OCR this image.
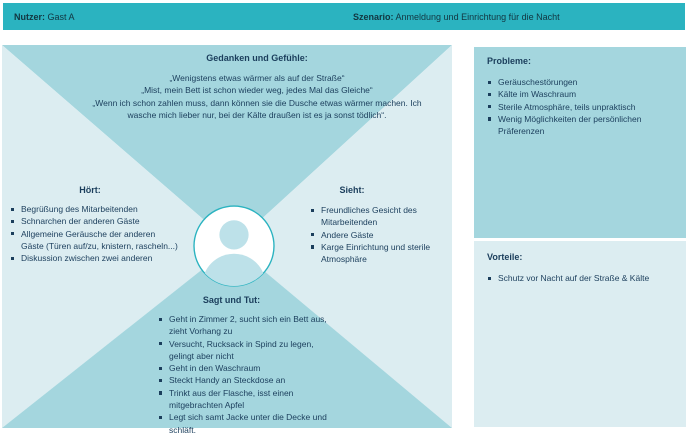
Nutzer: Gast A	Szenario: Anmeldung und Einrichtung für die Nacht
Gedanken und Gefühle:
„Wenigstens etwas wärmer als auf der Straße“
„Mist, mein Bett ist schon wieder weg, jedes Mal das Gleiche“
„Wenn ich schon zahlen muss, dann können sie die Dusche etwas wärmer machen. Ich wasche mich lieber nur, bei der Kälte draußen ist es ja sonst tödlich“.
Hört:
Begrüßung des Mitarbeitenden
Schnarchen der anderen Gäste
Allgemeine Geräusche der anderen Gäste (Türen auf/zu, knistern, rascheln...)
Diskussion zwischen zwei anderen
Sieht:
Freundliches Gesicht des Mitarbeitenden
Andere Gäste
Karge Einrichtung und sterile Atmosphäre
Sagt und Tut:
Geht in Zimmer 2, sucht sich ein Bett aus, zieht Vorhang zu
Versucht, Rucksack in Spind zu legen, gelingt aber nicht
Geht in den Waschraum
Steckt Handy an Steckdose an
Trinkt aus der Flasche, isst einen mitgebrachten Apfel
Legt sich samt Jacke unter die Decke und schläft.
Probleme:
Geräuschestörungen
Kälte im Waschraum
Sterile Atmosphäre, teils unpraktisch
Wenig Möglichkeiten der persönlichen Präferenzen
Vorteile:
Schutz vor Nacht auf der Straße & Kälte
